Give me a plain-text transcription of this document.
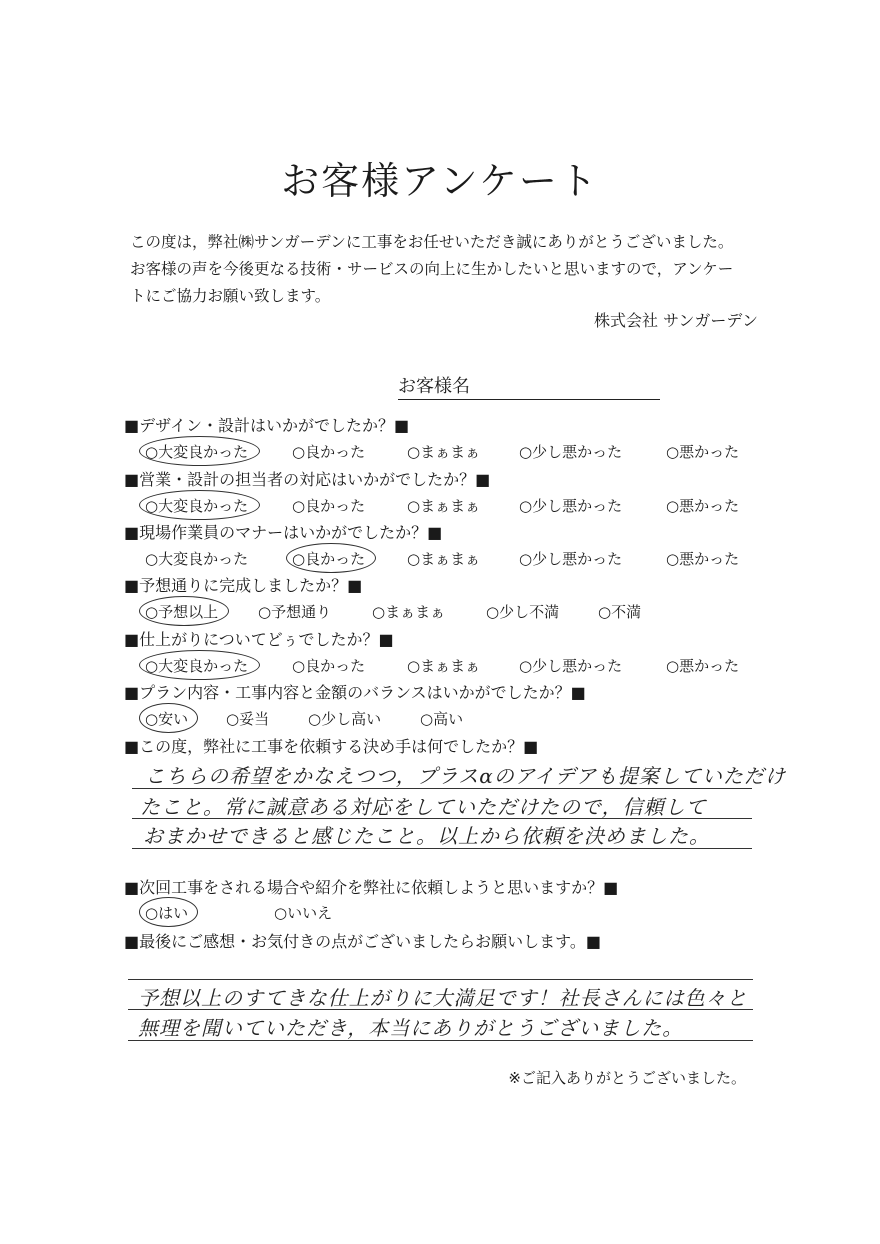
お客様アンケート
この度は，弊社㈱サンガーデンに工事をお任せいただき誠にありがとうございました。
お客様の声を今後更なる技術・サービスの向上に生かしたいと思いますので，アンケー
トにご協力お願い致します。
株式会社 サンガーデン
お客様名
■デザイン・設計はいかがでしたか？■
○大変良かった	○良かった	○まぁまぁ	○少し悪かった	○悪かった
■営業・設計の担当者の対応はいかがでしたか？■
○大変良かった	○良かった	○まぁまぁ	○少し悪かった	○悪かった
■現場作業員のマナーはいかがでしたか？■
○大変良かった	○良かった	○まぁまぁ	○少し悪かった	○悪かった
■予想通りに完成しましたか？■
○予想以上	○予想通り	○まぁまぁ	○少し不満	○不満
■仕上がりについてどぅでしたか？■
○大変良かった	○良かった	○まぁまぁ	○少し悪かった	○悪かった
■プラン内容・工事内容と金額のバランスはいかがでしたか？■
○安い	○妥当	○少し高い	○高い
■この度，弊社に工事を依頼する決め手は何でしたか？■
こちらの希望をかなえつつ，プラスαのアイデアも提案していただけ
たこと。常に誠意ある対応をしていただけたので，信頼して
おまかせできると感じたこと。以上から依頼を決めました。
■次回工事をされる場合や紹介を弊社に依頼しようと思いますか？■
○はい	○いいえ
■最後にご感想・お気付きの点がございましたらお願いします。■
予想以上のすてきな仕上がりに大満足です！社長さんには色々と
無理を聞いていただき，本当にありがとうございました。
※ご記入ありがとうございました。
